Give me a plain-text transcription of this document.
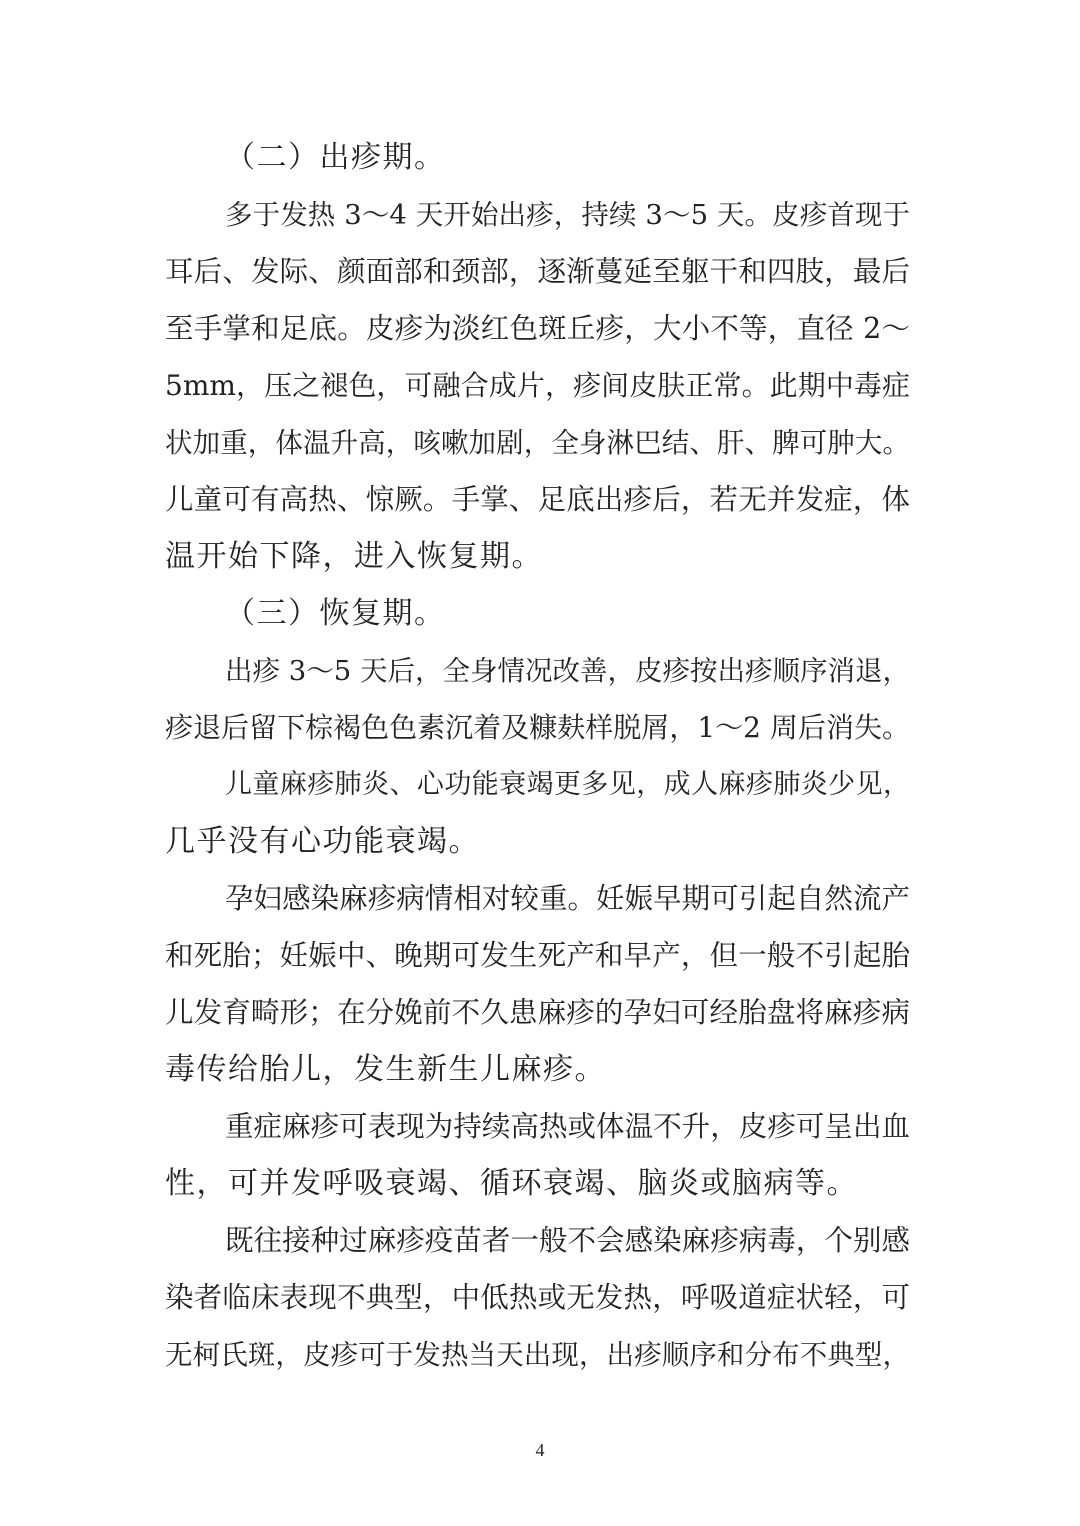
（二）出疹期。
多于发热 3～4 天开始出疹，持续 3～5 天。皮疹首现于
耳后、发际、颜面部和颈部，逐渐蔓延至躯干和四肢，最后
至手掌和足底。皮疹为淡红色斑丘疹，大小不等，直径 2～
5mm，压之褪色，可融合成片，疹间皮肤正常。此期中毒症
状加重，体温升高，咳嗽加剧，全身淋巴结、肝、脾可肿大。
儿童可有高热、惊厥。手掌、足底出疹后，若无并发症，体
温开始下降，进入恢复期。
（三）恢复期。
出疹 3～5 天后，全身情况改善，皮疹按出疹顺序消退，
疹退后留下棕褐色色素沉着及糠麸样脱屑，1～2 周后消失。
儿童麻疹肺炎、心功能衰竭更多见，成人麻疹肺炎少见，
几乎没有心功能衰竭。
孕妇感染麻疹病情相对较重。妊娠早期可引起自然流产
和死胎；妊娠中、晚期可发生死产和早产，但一般不引起胎
儿发育畸形；在分娩前不久患麻疹的孕妇可经胎盘将麻疹病
毒传给胎儿，发生新生儿麻疹。
重症麻疹可表现为持续高热或体温不升，皮疹可呈出血
性，可并发呼吸衰竭、循环衰竭、脑炎或脑病等。
既往接种过麻疹疫苗者一般不会感染麻疹病毒，个别感
染者临床表现不典型，中低热或无发热，呼吸道症状轻，可
无柯氏斑，皮疹可于发热当天出现，出疹顺序和分布不典型，
4
